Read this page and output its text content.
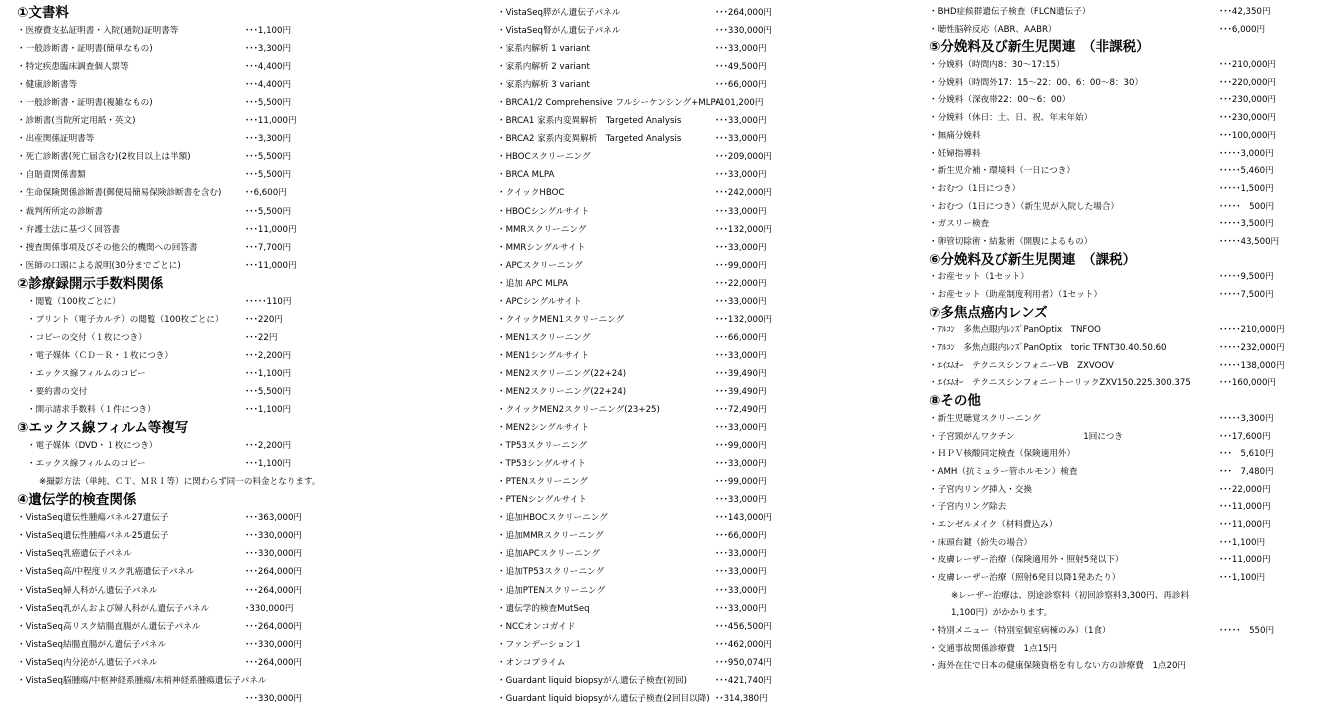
①文書料
・医療費支払証明書・入院(通院)証明書等	･･･1,100円
・一般診断書・証明書(簡単なもの)	･･･3,300円
・特定疾患臨床調査個人票等	･･･4,400円
・健康診断書等	･･･4,400円
・一般診断書・証明書(複雑なもの)	･･･5,500円
・診断書(当院所定用紙・英文)	･･･11,000円
・出産関係証明書等	･･･3,300円
・死亡診断書(死亡届含む)(2枚目以上は半額)	･･･5,500円
・自賠責関係書類	･･･5,500円
・生命保険関係診断書(郵便局簡易保険診断書を含む)	･･6,600円
・裁判所所定の診断書	･･･5,500円
・弁護士法に基づく回答書	･･･11,000円
・捜査関係事項及びその他公的機関への回答書	･･･7,700円
・医師の口頭による説明(30分までごとに)	･･･11,000円
②診療録開示手数料関係
・閲覧（100枚ごとに）	･････110円
・プリント（電子カルテ）の閲覧（100枚ごとに） ･･･220円
・コピーの交付（１枚につき）	･･･22円
・電子媒体（ＣＤ－Ｒ・１枚につき）	･･･2,200円
・エックス線フィルムのコピー	･･･1,100円
・要約書の交付	･･･5,500円
・開示請求手数料（１件につき）	･･･1,100円
③エックス線フィルム等複写
・電子媒体（DVD・１枚につき）	･･･2,200円
・エックス線フィルムのコピー	･･･1,100円
※撮影方法（単純、ＣＴ、ＭＲＩ等）に関わらず同一の料金となります。
④遺伝学的検査関係
・VistaSeq遺伝性腫瘍パネル27遺伝子	･･･363,000円
・VistaSeq遺伝性腫瘍パネル25遺伝子	･･･330,000円
・VistaSeq乳癌遺伝子パネル	･･･330,000円
・VistaSeq高/中程度リスク乳癌遺伝子パネル	･･･264,000円
・VistaSeq婦人科がん遺伝子パネル	･･･264,000円
・VistaSeq乳がんおよび婦人科がん遺伝子パネル	･330,000円
・VistaSeq高リスク結腸直腸がん遺伝子パネル	･･･264,000円
・VistaSeq結腸直腸がん遺伝子パネル	･･･330,000円
・VistaSeq内分泌がん遺伝子パネル	･･･264,000円
・VistaSeq脳腫瘍/中枢神経系腫瘍/末梢神経系腫瘍遺伝子パネル
･･･330,000円
・VistaSeq膵がん遺伝子パネル	･･･264,000円
・VistaSeq腎がん遺伝子パネル	･･･330,000円
・家系内解析 1 variant	･･･33,000円
・家系内解析 2 variant	･･･49,500円
・家系内解析 3 variant	･･･66,000円
・BRCA1/2 Comprehensive フルシーケンシング+MLPA･101,200円
・BRCA1 家系内変異解析　Targeted Analysis	･･･33,000円
・BRCA2 家系内変異解析　Targeted Analysis	･･･33,000円
・HBOCスクリーニング	･･･209,000円
・BRCA MLPA	･･･33,000円
・クイックHBOC	･･･242,000円
・HBOCシングルサイト	･･･33,000円
・MMRスクリーニング	･･･132,000円
・MMRシングルサイト	･･･33,000円
・APCスクリーニング	･･･99,000円
・追加 APC MLPA	･･･22,000円
・APCシングルサイト	･･･33,000円
・クイックMEN1スクリーニング	･･･132,000円
・MEN1スクリーニング	･･･66,000円
・MEN1シングルサイト	･･･33,000円
・MEN2スクリーニング(22+24)	･･･39,490円
・MEN2スクリーニング(22+24)	･･･39,490円
・クイックMEN2スクリーニング(23+25)	･･･72,490円
・MEN2シングルサイト	･･･33,000円
・TP53スクリーニング	･･･99,000円
・TP53シングルサイト	･･･33,000円
・PTENスクリーニング	･･･99,000円
・PTENシングルサイト	･･･33,000円
・追加HBOCスクリーニング	･･･143,000円
・追加MMRスクリーニング	･･･66,000円
・追加APCスクリーニング	･･･33,000円
・追加TP53スクリーニング	･･･33,000円
・追加PTENスクリーニング	･･･33,000円
・遺伝学的検査MutSeq	･･･33,000円
・NCCオンコガイド	･･･456,500円
・ファンデーション１	･･･462,000円
・オンコプライム	･･･950,074円
・Guardant liquid biopsyがん遺伝子検査(初回)	･･･421,740円
・Guardant liquid biopsyがん遺伝子検査(2回目以降) ･･314,380円
・BHD症候群遺伝子検査（FLCN遺伝子）	･･･42,350円
・聴性脳幹反応（ABR、AABR）	･･･6,000円
⑤分娩料及び新生児関連　（非課税）
・分娩料（時間内8：30～17:15）	･･･210,000円
・分娩料（時間外17：15～22：00、6：00～8：30）	･･･220,000円
・分娩料（深夜帯22：00～6：00）	･･･230,000円
・分娩料（休日：土、日、祝、年末年始）	･･･230,000円
・無痛分娩料	･･･100,000円
・妊婦指導料	･････3,000円
・新生児介補・環境料（一日につき）	･････5,460円
・おむつ（1日につき）	･････1,500円
・おむつ（1日につき）（新生児が入院した場合）	･････　500円
・ガスリー検査	･････3,500円
・卵管切除術・結紮術（開腹によるもの）	･････43,500円
⑥分娩料及び新生児関連　（課税）
・お産セット（1セット）	･････9,500円
・お産セット（助産制度利用者）（1セット）	･････7,500円
⑦多焦点癌内レンズ
・ｱﾙｺﾝ　多焦点眼内ﾚﾝｽﾞPanOptix　TNFOO	･････210,000円
・ｱﾙｺﾝ　多焦点眼内ﾚﾝｽﾞPanOptix　toric TFNT30.40.50.60	･････232,000円
・ｴｲｴﾑｵｰ　テクニスシンフォニーVB　ZXVOOV	･････138,000円
・ｴｲｴﾑｵｰ　テクニスシンフォニートーリックZXV150.225.300.375	･･･160,000円
⑧その他
・新生児聴覚スクリーニング	･････3,300円
・子宮頸がんワクチン　　　　　　　　1回につき	･･･17,600円
・ＨＰＶ核酸同定検査（保険適用外）	･･･　5,610円
・AMH（抗ミュラー管ホルモン）検査	･･･　7,480円
・子宮内リング挿入・交換	･･･22,000円
・子宮内リング除去	･･･11,000円
・エンゼルメイク（材料費込み）	･･･11,000円
・床頭台鍵（紛失の場合）	･･･1,100円
・皮膚レーザー治療（保険適用外・照射5発以下）	･･･11,000円
・皮膚レーザー治療（照射6発目以降1発あたり）	･･･1,100円
※レーザー治療は、別途診察料（初回診察料3,300円、再診料
1,100円）がかかります。
・特別メニュー（特別室個室病棟のみ）（1食）	･････　550円
・交通事故関係診療費　1点15円
・海外在住で日本の健康保険資格を有しない方の診療費　1点20円
